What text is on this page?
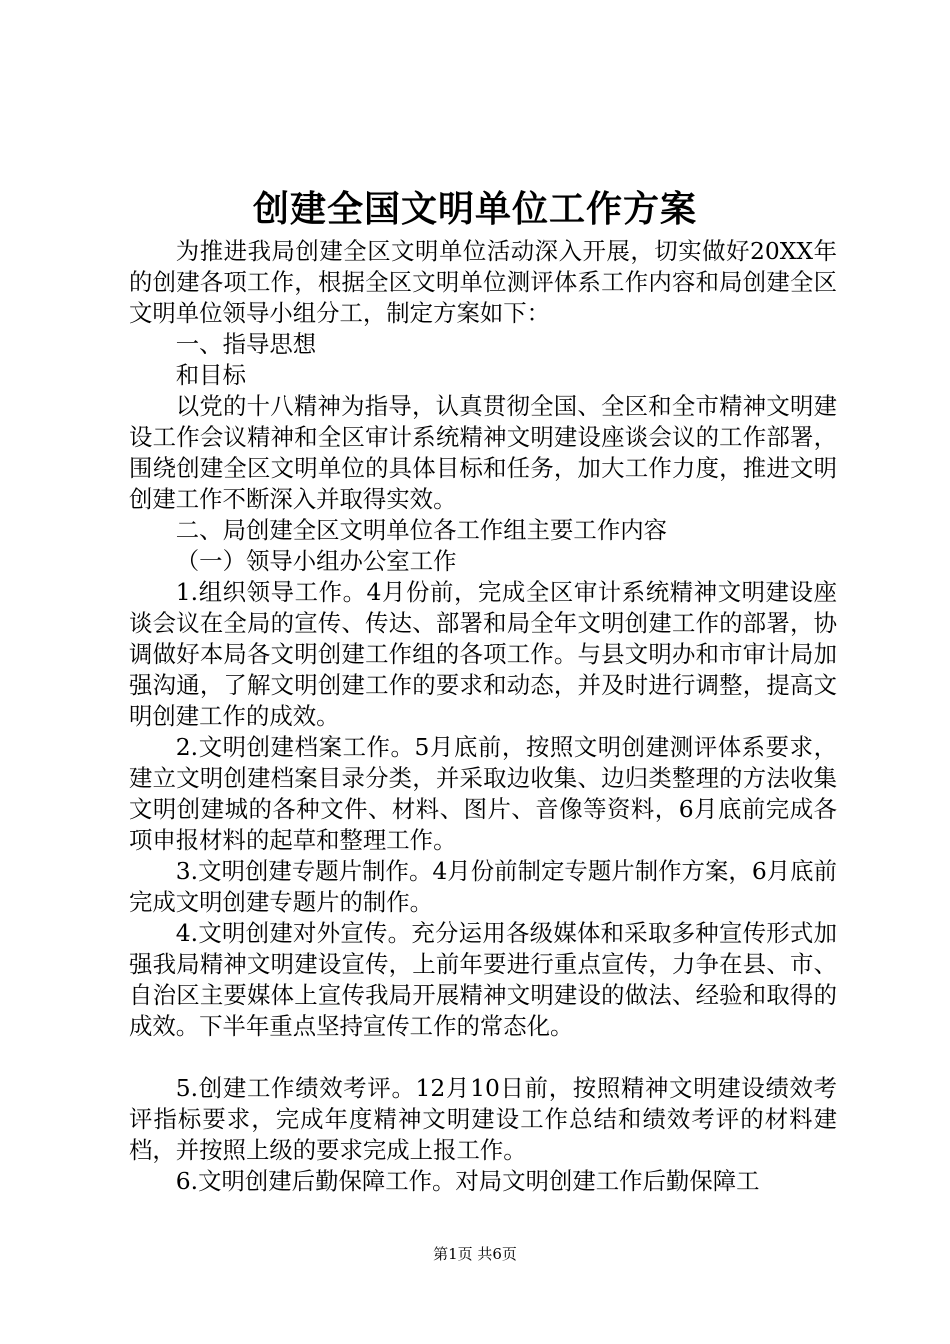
创建全国文明单位工作方案

为推进我局创建全区文明单位活动深入开展，切实做好20XX年的创建各项工作，根据全区文明单位测评体系工作内容和局创建全区文明单位领导小组分工，制定方案如下：

一、指导思想

和目标

以党的十八精神为指导，认真贯彻全国、全区和全市精神文明建设工作会议精神和全区审计系统精神文明建设座谈会议的工作部署，围绕创建全区文明单位的具体目标和任务，加大工作力度，推进文明创建工作不断深入并取得实效。

二、局创建全区文明单位各工作组主要工作内容

（一）领导小组办公室工作

1.组织领导工作。4月份前，完成全区审计系统精神文明建设座谈会议在全局的宣传、传达、部署和局全年文明创建工作的部署，协调做好本局各文明创建工作组的各项工作。与县文明办和市审计局加强沟通，了解文明创建工作的要求和动态，并及时进行调整，提高文明创建工作的成效。

2.文明创建档案工作。5月底前，按照文明创建测评体系要求，建立文明创建档案目录分类，并采取边收集、边归类整理的方法收集文明创建城的各种文件、材料、图片、音像等资料，6月底前完成各项申报材料的起草和整理工作。

3.文明创建专题片制作。4月份前制定专题片制作方案，6月底前完成文明创建专题片的制作。

4.文明创建对外宣传。充分运用各级媒体和采取多种宣传形式加强我局精神文明建设宣传，上前年要进行重点宣传，力争在县、市、自治区主要媒体上宣传我局开展精神文明建设的做法、经验和取得的成效。下半年重点坚持宣传工作的常态化。

5.创建工作绩效考评。12月10日前，按照精神文明建设绩效考评指标要求，完成年度精神文明建设工作总结和绩效考评的材料建档，并按照上级的要求完成上报工作。

6.文明创建后勤保障工作。对局文明创建工作后勤保障工

第1页 共6页
